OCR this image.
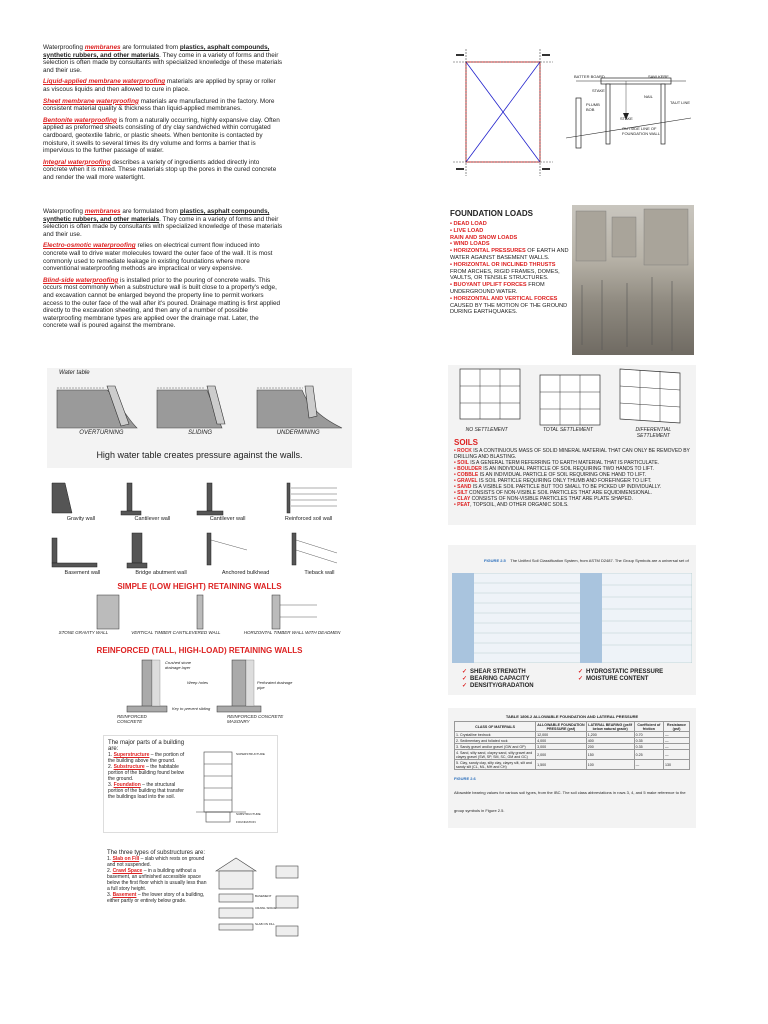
Waterproofing membranes are formulated from plastics, asphalt compounds, synthetic rubbers, and other materials. They come in a variety of forms and their selection is often made by consultants with specialized knowledge of these materials and their use.

Liquid-applied membrane waterproofing materials are applied by spray or roller as viscous liquids and then allowed to cure in place.

Sheet membrane waterproofing materials are manufactured in the factory. More consistent material quality & thickness than liquid-applied membranes.

Bentonite waterproofing is from a naturally occurring, highly expansive clay. Often applied as preformed sheets consisting of dry clay sandwiched within corrugated cardboard, geotextile fabric, or plastic sheets. When bentonite is contacted by moisture, it swells to several times its dry volume and forms a barrier that is impervious to the further passage of water.

Integral waterproofing describes a variety of ingredients added directly into concrete when it is mixed. These materials stop up the pores in the cured concrete and render the wall more watertight.

Waterproofing membranes are formulated from plastics, asphalt compounds, synthetic rubbers, and other materials. They come in a variety of forms and their selection is often made by consultants with specialized knowledge of these materials and their use.

Electro-osmotic waterproofing relies on electrical current flow induced into concrete wall to drive water molecules toward the outer face of the wall. It is most commonly used to remediate leakage in existing foundations where more conventional waterproofing methods are impractical or very expensive.

Blind-side waterproofing is installed prior to the pouring of concrete walls. This occurs most commonly when a substructure wall is built close to a property's edge, and excavation cannot be enlarged beyond the property line to permit workers access to the outer face of the wall after it's poured. Drainage matting is first applied directly to the excavation sheeting, and then any of a number of possible waterproofing membrane types are applied over the drainage mat. Later, the concrete wall is poured against the membrane.

Water table
OVERTURNING	SLIDING	UNDERMINING
High water table creates pressure against the walls.
Gravity wall	Cantilever wall	Cantilever wall	Reinforced soil wall
Basement wall	Bridge abutment wall	Anchored bulkhead	Tieback wall
SIMPLE (LOW HEIGHT) RETAINING WALLS
STONE GRAVITY WALL	VERTICAL TIMBER CANTILEVERED WALL	HORIZONTAL TIMBER WALL WITH DEADMEN
REINFORCED (TALL, HIGH-LOAD) RETAINING WALLS
Crushed stone drainage layer
Weep holes	Perforated drainage pipe
Key to prevent sliding
REINFORCED CONCRETE
REINFORCED CONCRETE MASONRY

The major parts of a building are:

1. Superstructure – the portion of the building above the ground.

2. Substructure – the habitable portion of the building found below the ground.

3. Foundation – the structural portion of the building that transfer the buildings load into the soil.

SUPERSTRUCTURE
SUBSTRUCTURE
FOUNDATION

The three types of substructures are:

1. Slab on Fill – slab which rests on ground and not suspended.

2. Crawl Space – in a building without a basement, an unfinished accessible space below the first floor which is usually less than a full story height.

3. Basement – the lower story of a building, either partly or entirely below grade.

BASEMENT
CRAWL SPACE
SLAB ON FILL
BATTER BOARD	SAW KERF
STAKE
NAIL
TAUT LINE
PLUMB BOB
STAKE
OUTSIDE LINE OF FOUNDATION WALL

FOUNDATION LOADS

• DEAD LOAD

• LIVE LOAD

RAIN AND SNOW LOADS

• WIND LOADS

• HORIZONTAL PRESSURES OF EARTH AND WATER AGAINST BASEMENT WALLS.

• HORIZONTAL OR INCLINED THRUSTS FROM ARCHES, RIGID FRAMES, DOMES, VAULTS, OR TENSILE STRUCTURES.

• BUOYANT UPLIFT FORCES FROM UNDERGROUND WATER.

• HORIZONTAL AND VERTICAL FORCES CAUSED BY THE MOTION OF THE GROUND DURING EARTHQUAKES.

NO SETTLEMENT	TOTAL SETTLEMENT	DIFFERENTIAL SETTLEMENT
SOILS

• ROCK IS A CONTINUOUS MASS OF SOLID MINERAL MATERIAL THAT CAN ONLY BE REMOVED BY DRILLING AND BLASTING.

• SOIL IS A GENERAL TERM REFERRING TO EARTH MATERIAL THAT IS PARTICULATE.

• BOULDER IS AN INDIVIDUAL PARTICLE OF SOIL REQUIRING TWO HANDS TO LIFT.

• COBBLE IS AN INDIVIDUAL PARTICLE OF SOIL REQUIRING ONE HAND TO LIFT.

• GRAVEL IS SOIL PARTICLE REQUIRING ONLY THUMB AND FOREFINGER TO LIFT.

• SAND IS A VISIBLE SOIL PARTICLE BUT TOO SMALL TO BE PICKED UP INDIVIDUALLY.

• SILT CONSISTS OF NON-VISIBLE SOIL PARTICLES THAT ARE EQUIDIMENSIONAL.

• CLAY CONSISTS OF NON-VISIBLE PARTICLES THAT ARE PLATE SHAPED.

• PEAT, TOPSOIL, AND OTHER ORGANIC SOILS.

FIGURE 2.5 The Unified Soil Classification System, from ASTM D2487. The Group Symbols are a universal set of
✓ SHEAR STRENGTH
✓ BEARING CAPACITY
✓ DENSITY/GRADATION
✓ HYDROSTATIC PRESSURE
✓ MOISTURE CONTENT
TABLE 1806.2 ALLOWABLE FOUNDATION AND LATERAL PRESSURE
CLASS OF MATERIALS	ALLOWABLE FOUNDATION PRESSURE (psf)	LATERAL BEARING (psf/f below natural grade)	Coefficient of friction	Resistance (psf)
1. Crystalline bedrock	12,000	1,200	0.70	—
2. Sedimentary and foliated rock	4,000	400	0.35	—
3. Sandy gravel and/or gravel (GW and GP)	3,000	200	0.35	—
4. Sand, silty sand, clayey sand, silty gravel and clayey gravel (SW, SP, SM, SC, GM and GC)	2,000	150	0.25	—
5. Clay, sandy clay, silty clay, clayey silt, silt and sandy silt (CL, ML, MH and CH)	1,500	100	—	130
FIGURE 2.6
Allowable bearing values for various soil types, from the IBC. The soil class abbreviations in rows 3, 4, and 5 make reference to the group symbols in Figure 2.5.
